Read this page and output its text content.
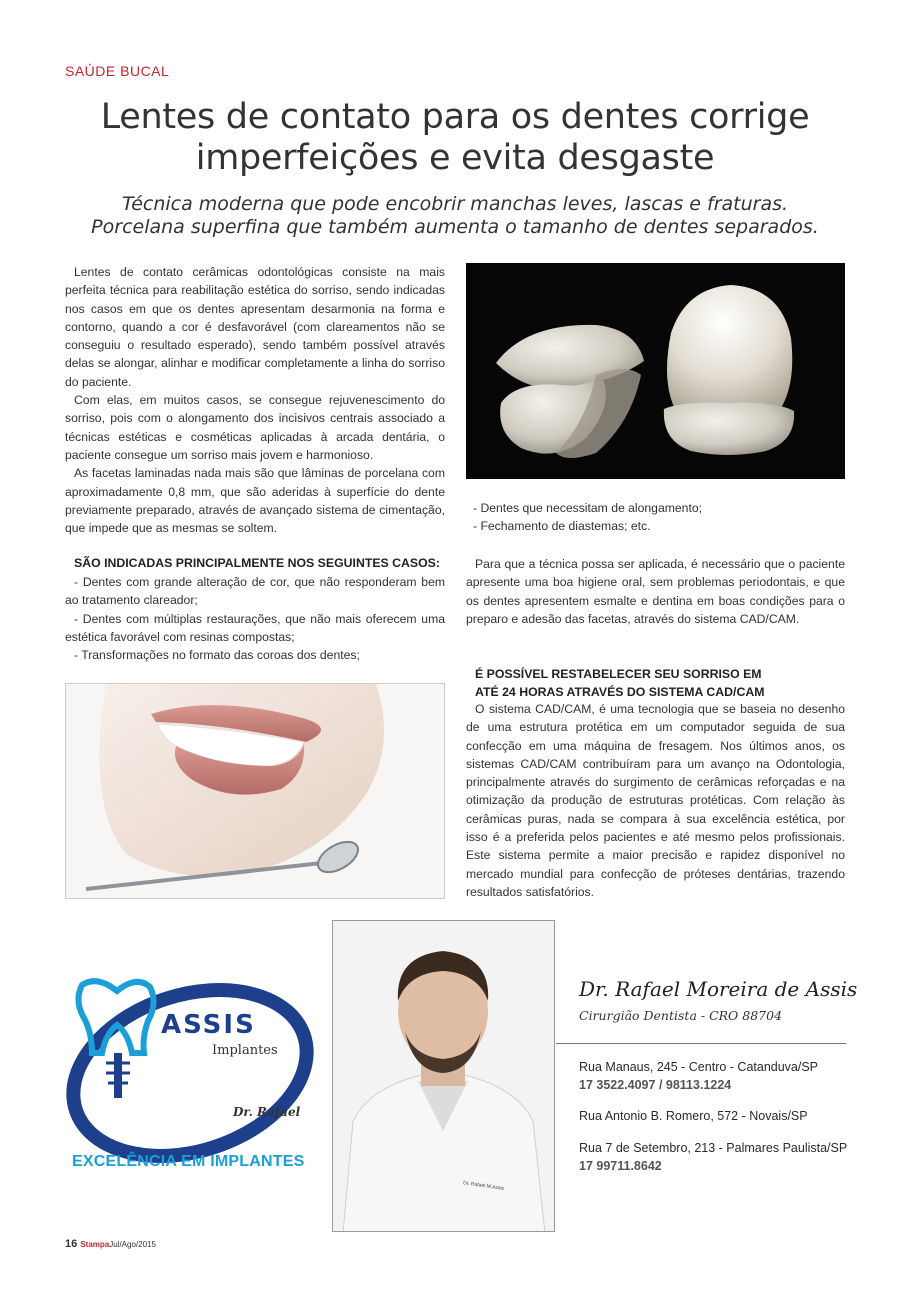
SAÚDE BUCAL
Lentes de contato para os dentes corrige
imperfeições e evita desgaste
Técnica moderna que pode encobrir manchas leves, lascas e fraturas.
Porcelana superfina que também aumenta o tamanho de dentes separados.

Lentes de contato cerâmicas odontológicas consiste na mais perfeita técnica para reabilitação estética do sorriso, sendo indicadas nos casos em que os dentes apresentam desarmonia na forma e contorno, quando a cor é desfavorável (com clareamentos não se conseguiu o resultado esperado), sendo também possível através delas se alongar, alinhar e modificar completamente a linha do sorriso do paciente.

Com elas, em muitos casos, se consegue rejuvenescimento do sorriso, pois com o alongamento dos incisivos centrais associado a técnicas estéticas e cosméticas aplicadas à arcada dentária, o paciente consegue um sorriso mais jovem e harmonioso.

As facetas laminadas nada mais são que lâminas de porcelana com aproximadamente 0,8 mm, que são aderidas à superfície do dente previamente preparado, através de avançado sistema de cimentação, que impede que as mesmas se soltem.

SÃO INDICADAS PRINCIPALMENTE NOS SEGUINTES CASOS:
- Dentes com grande alteração de cor, que não responderam bem ao tratamento clareador;
- Dentes com múltiplas restaurações, que não mais oferecem uma estética favorável com resinas compostas;
- Transformações no formato das coroas dos dentes;
- Dentes que necessitam de alongamento;
- Fechamento de diastemas; etc.

Para que a técnica possa ser aplicada, é necessário que o paciente apresente uma boa higiene oral, sem problemas periodontais, e que os dentes apresentem esmalte e dentina em boas condições para o preparo e adesão das facetas, através do sistema CAD/CAM.

É POSSÍVEL RESTABELECER SEU SORRISO EM
ATÉ 24 HORAS ATRAVÉS DO SISTEMA CAD/CAM

O sistema CAD/CAM, é uma tecnologia que se baseia no desenho de uma estrutura protética em um computador seguida de sua confecção em uma máquina de fresagem. Nos últimos anos, os sistemas CAD/CAM contribuíram para um avanço na Odontologia, principalmente através do surgimento de cerâmicas reforçadas e na otimização da produção de estruturas protéticas. Com relação às cerâmicas puras, nada se compara à sua excelência estética, por isso é a preferida pelos pacientes e até mesmo pelos profissionais. Este sistema permite a maior precisão e rapidez disponível no mercado mundial para confecção de próteses dentárias, trazendo resultados satisfatórios.

ASSIS
Implantes
Dr. Rafael
EXCELÊNCIA EM IMPLANTES
Dr. Rafael M.Assis
Dr. Rafael Moreira de Assis
Cirurgião Dentista - CRO 88704
Rua Manaus, 245 - Centro - Catanduva/SP
17 3522.4097 / 98113.1224
Rua Antonio B. Romero, 572 - Novais/SP
Rua 7 de Setembro, 213 - Palmares Paulista/SP
17 99711.8642
16 StampaJul/Ago/2015
